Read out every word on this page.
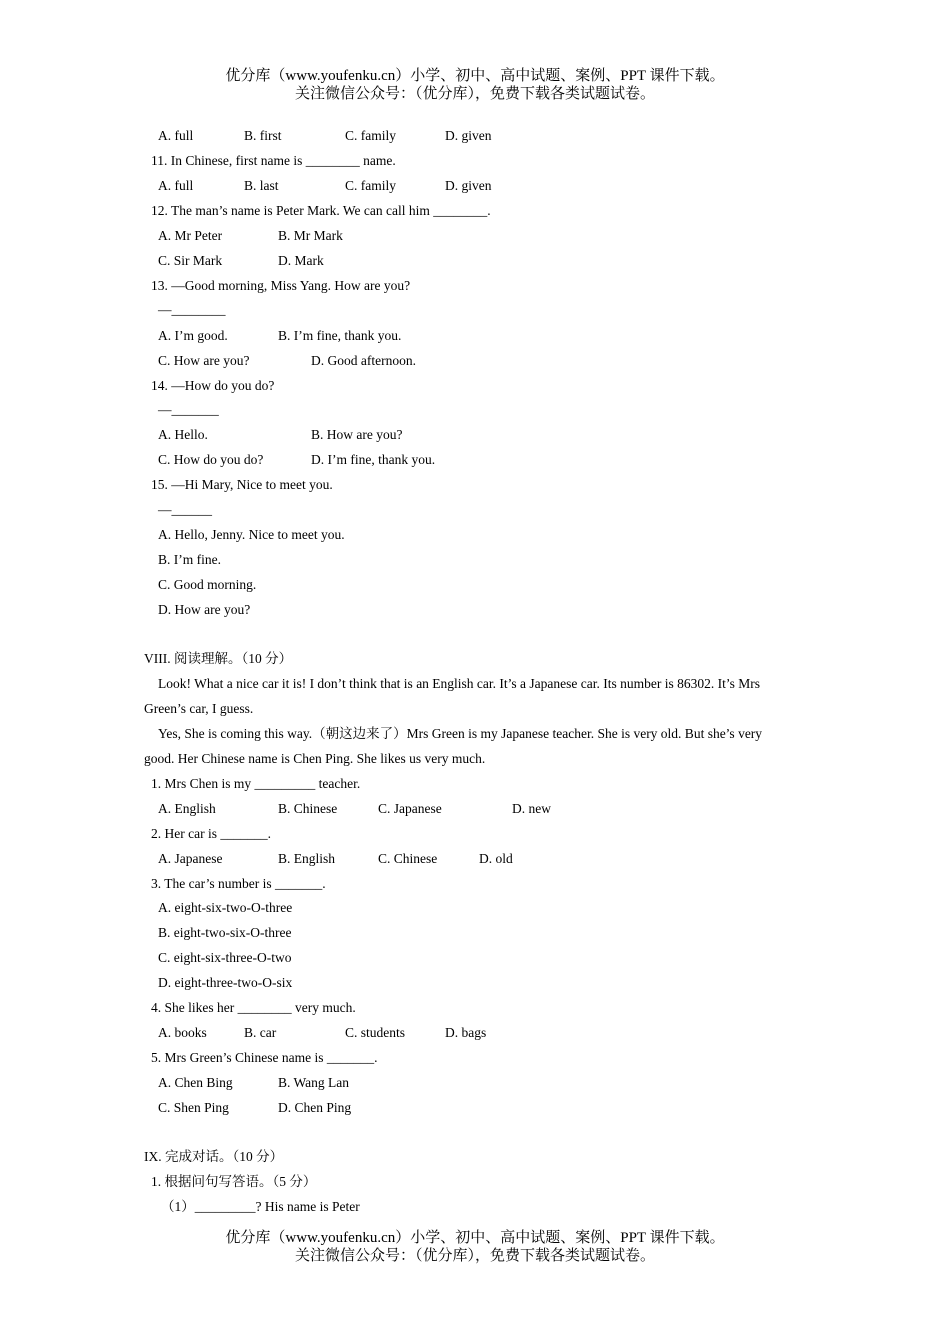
优分库（www.youfenku.cn）小学、初中、高中试题、案例、PPT 课件下载。
关注微信公众号：（优分库），免费下载各类试题试卷。
A. full	B. first	C. family	D. given
11. In Chinese, first name is ________ name.
A. full	B. last	C. family	D. given
12. The man’s name is Peter Mark. We can call him ________.
A. Mr Peter	B. Mr Mark
C. Sir Mark	D. Mark
13. —Good morning, Miss Yang. How are you?
—________
A. I’m good.	B. I’m fine, thank you.
C. How are you?	D. Good afternoon.
14. —How do you do?
—_______
A. Hello.	B. How are you?
C. How do you do?	D. I’m fine, thank you.
15. —Hi Mary, Nice to meet you.
—______
A. Hello, Jenny. Nice to meet you.
B. I’m fine.
C. Good morning.
D. How are you?
VIII. 阅读理解。（10 分）
Look! What a nice car it is! I don’t think that is an English car. It’s a Japanese car. Its number is 86302. It’s Mrs
Green’s car, I guess.
Yes, She is coming this way.（朝这边来了）Mrs Green is my Japanese teacher. She is very old. But she’s very
good. Her Chinese name is Chen Ping. She likes us very much.
1. Mrs Chen is my _________ teacher.
A. English	B. Chinese	C. Japanese	D. new
2. Her car is _______.
A. Japanese	B. English	C. Chinese	D. old
3. The car’s number is _______.
A. eight-six-two-O-three
B. eight-two-six-O-three
C. eight-six-three-O-two
D. eight-three-two-O-six
4. She likes her ________ very much.
A. books	B. car	C. students	D. bags
5. Mrs Green’s Chinese name is _______.
A. Chen Bing	B. Wang Lan
C. Shen Ping	D. Chen Ping
IX. 完成对话。（10 分）
1. 根据问句写答语。（5 分）
（1）_________? His name is Peter
优分库（www.youfenku.cn）小学、初中、高中试题、案例、PPT 课件下载。
关注微信公众号：（优分库），免费下载各类试题试卷。
